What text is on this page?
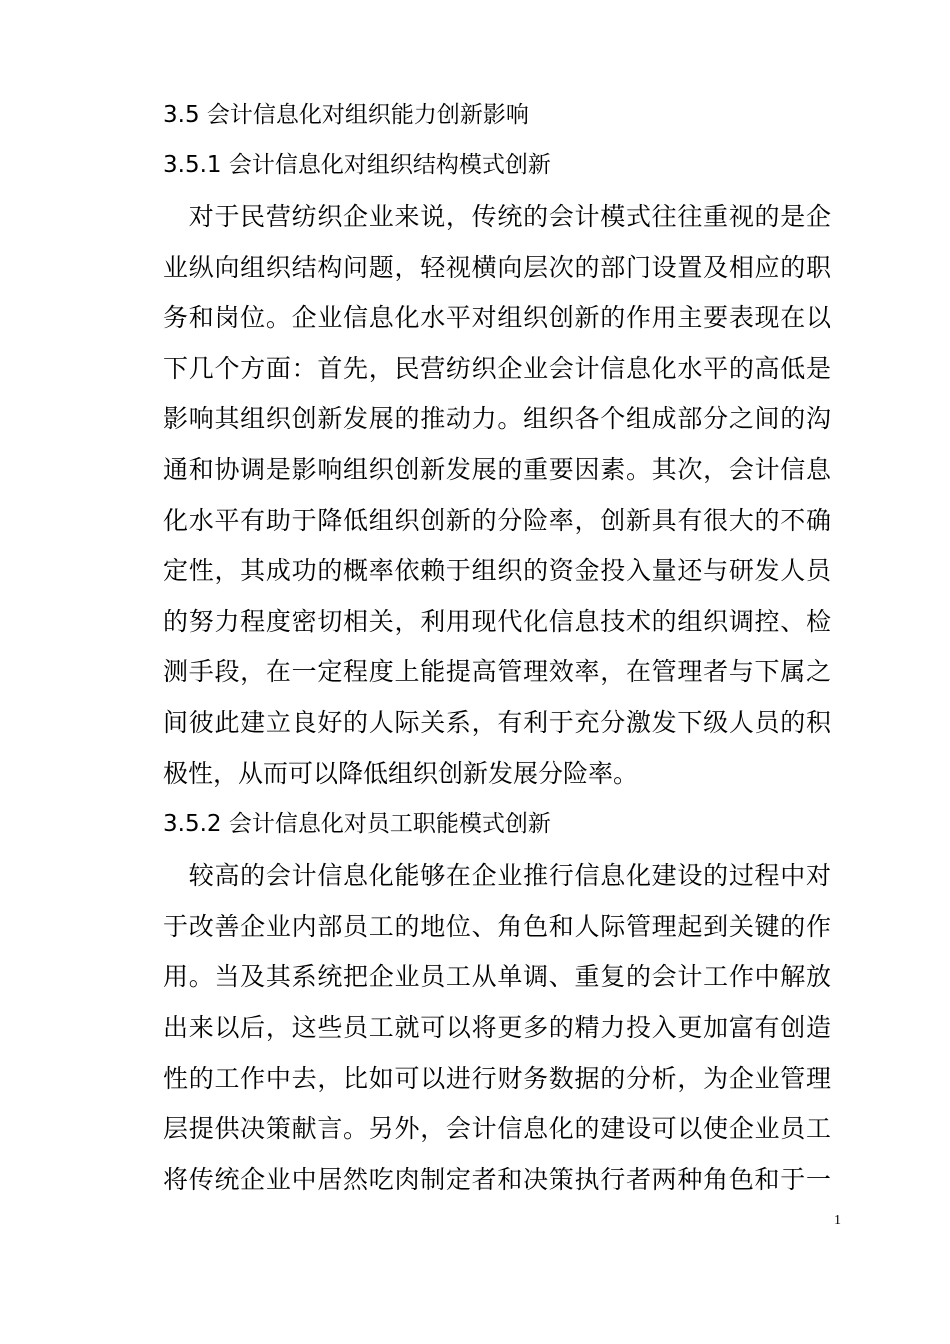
3.5 会计信息化对组织能力创新影响
3.5.1 会计信息化对组织结构模式创新

　对于民营纺织企业来说，传统的会计模式往往重视的是企
业纵向组织结构问题，轻视横向层次的部门设置及相应的职
务和岗位。企业信息化水平对组织创新的作用主要表现在以
下几个方面：首先，民营纺织企业会计信息化水平的高低是
影响其组织创新发展的推动力。组织各个组成部分之间的沟
通和协调是影响组织创新发展的重要因素。其次，会计信息
化水平有助于降低组织创新的分险率，创新具有很大的不确
定性，其成功的概率依赖于组织的资金投入量还与研发人员
的努力程度密切相关，利用现代化信息技术的组织调控、检
测手段，在一定程度上能提高管理效率，在管理者与下属之
间彼此建立良好的人际关系，有利于充分激发下级人员的积
极性，从而可以降低组织创新发展分险率。

3.5.2 会计信息化对员工职能模式创新

　较高的会计信息化能够在企业推行信息化建设的过程中对
于改善企业内部员工的地位、角色和人际管理起到关键的作
用。当及其系统把企业员工从单调、重复的会计工作中解放
出来以后，这些员工就可以将更多的精力投入更加富有创造
性的工作中去，比如可以进行财务数据的分析，为企业管理
层提供决策献言。另外，会计信息化的建设可以使企业员工
将传统企业中居然吃肉制定者和决策执行者两种角色和于一

1
